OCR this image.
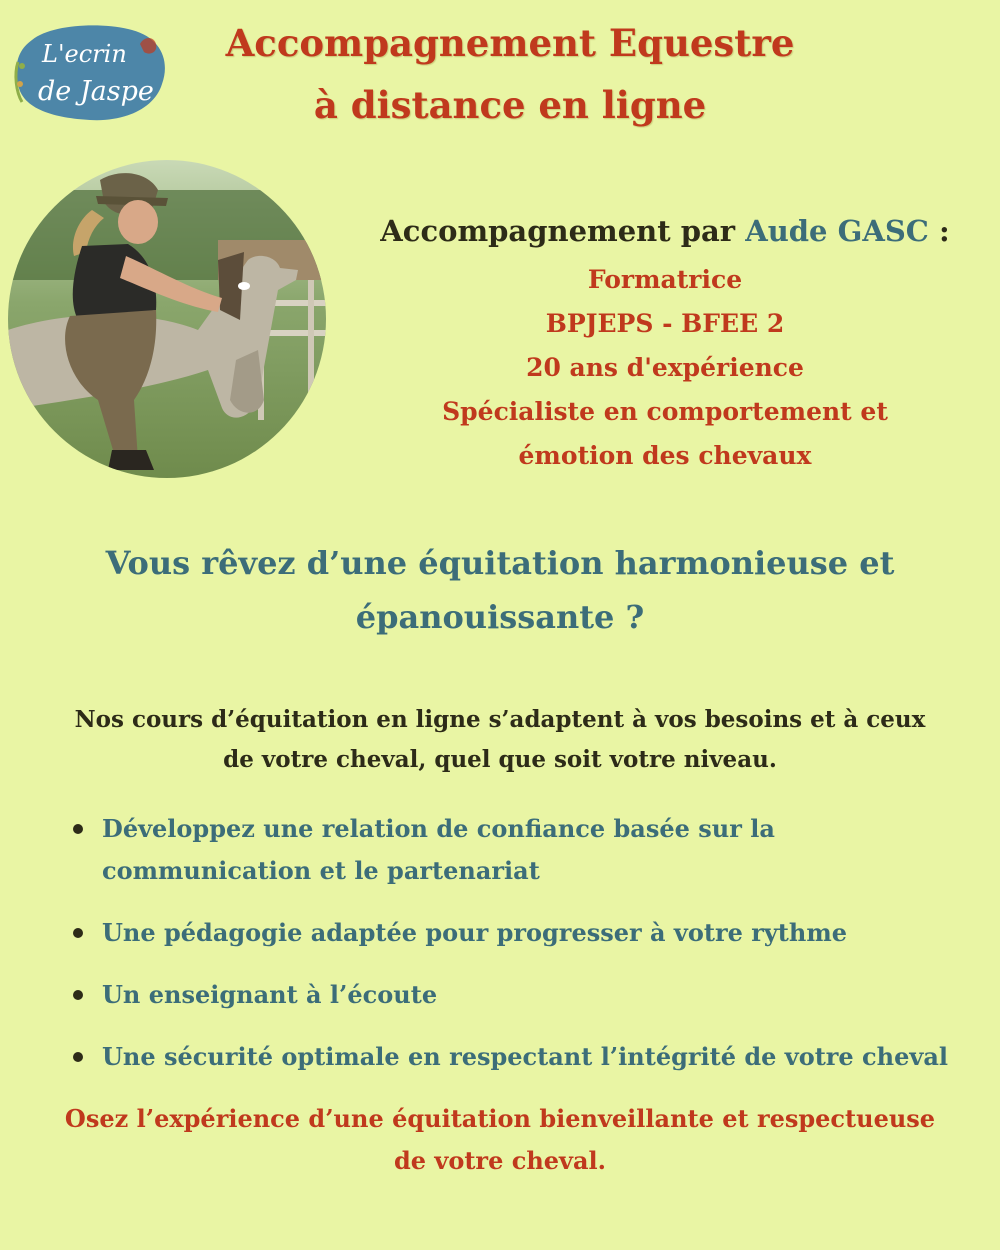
L'ecrin
de Jaspe
Accompagnement Equestre
à distance en ligne
Accompagnement par Aude GASC :
Formatrice
BPJEPS - BFEE 2
20 ans d'expérience
Spécialiste en comportement et
émotion des chevaux
Vous rêvez d’une équitation harmonieuse et
épanouissante ?
Nos cours d’équitation en ligne s’adaptent à vos besoins et à ceux
de votre cheval, quel que soit votre niveau.
Développez une relation de confiance basée sur la
communication et le partenariat
Une pédagogie adaptée pour progresser à votre rythme
Un enseignant à l’écoute
Une sécurité optimale en respectant l’intégrité de votre cheval
Osez l’expérience d’une équitation bienveillante et respectueuse
de votre cheval.
